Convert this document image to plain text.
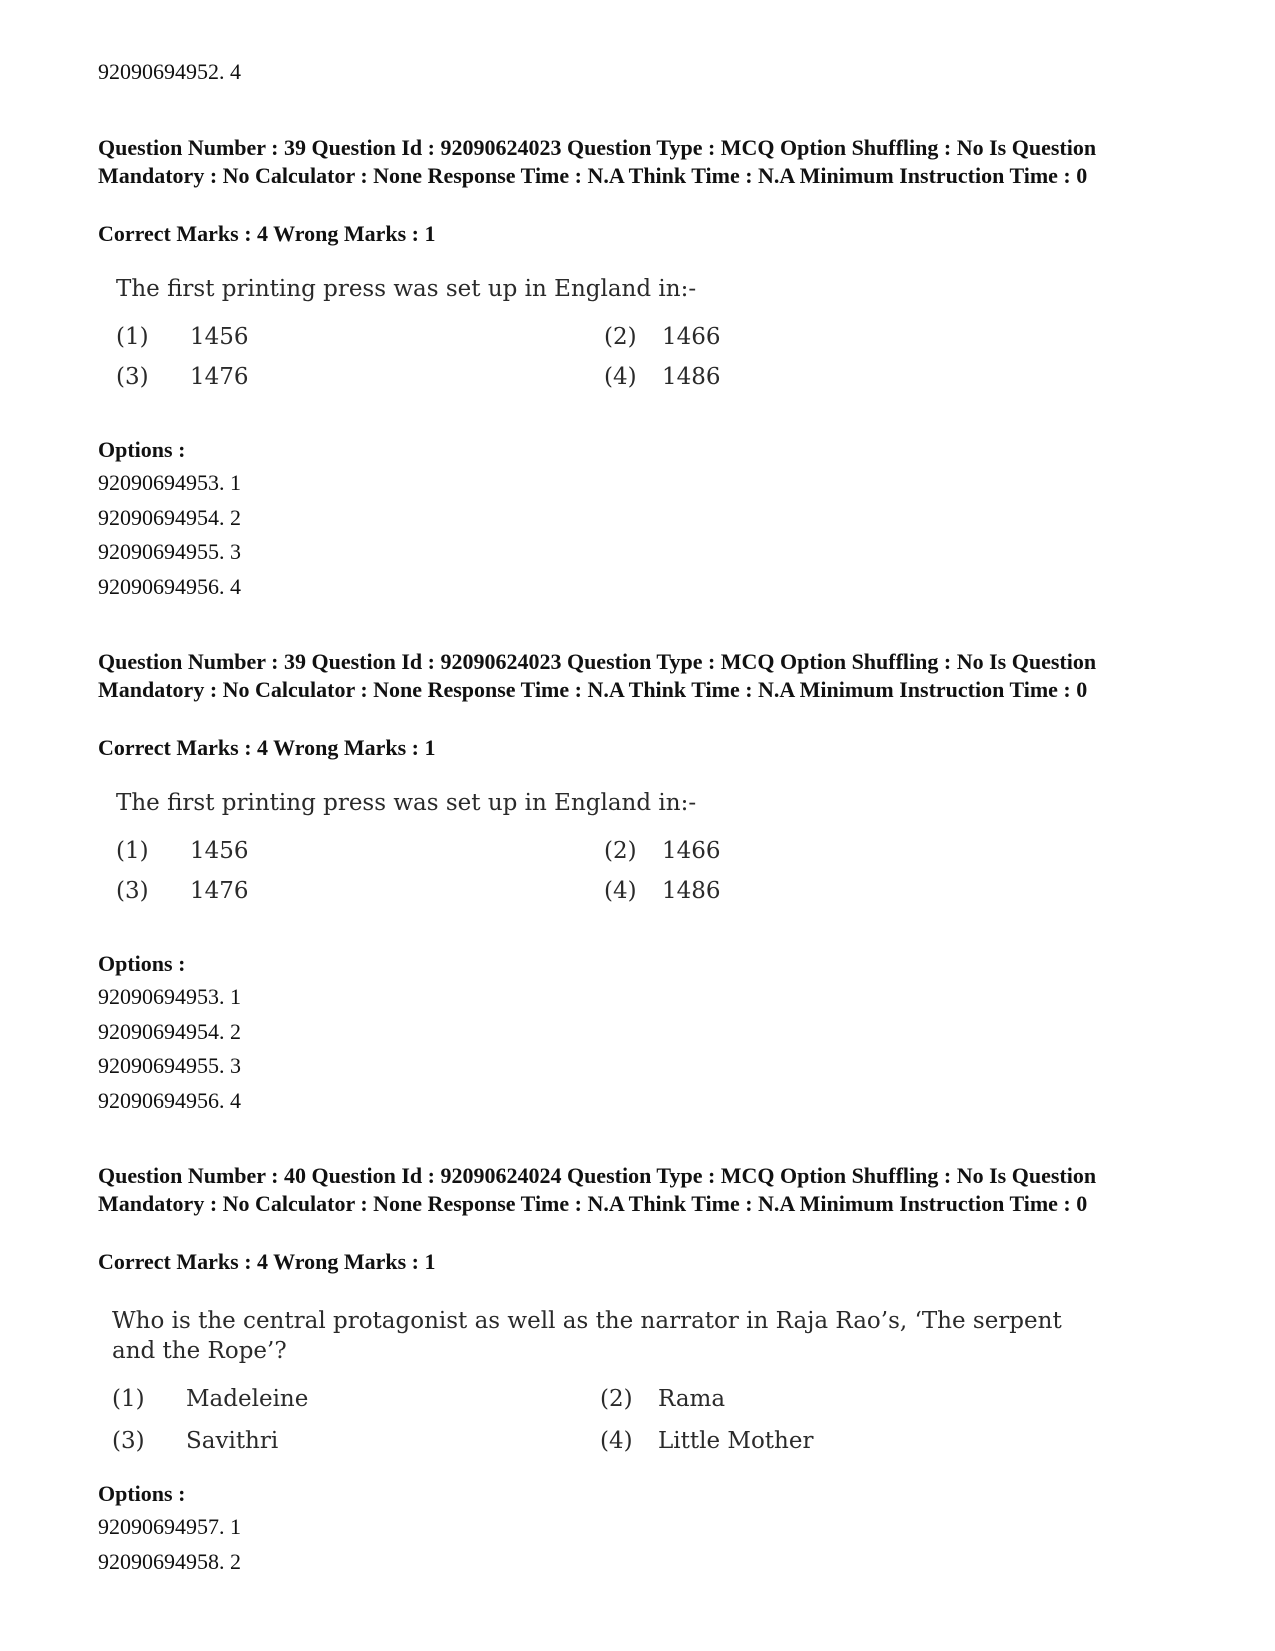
92090694952. 4
Question Number : 39 Question Id : 92090624023 Question Type : MCQ Option Shuffling : No Is Question Mandatory : No Calculator : None Response Time : N.A Think Time : N.A Minimum Instruction Time : 0
Correct Marks : 4 Wrong Marks : 1
The first printing press was set up in England in:-
(1) 1456	(2) 1466
(3) 1476	(4) 1486
Options :
92090694953. 1
92090694954. 2
92090694955. 3
92090694956. 4
Question Number : 39 Question Id : 92090624023 Question Type : MCQ Option Shuffling : No Is Question Mandatory : No Calculator : None Response Time : N.A Think Time : N.A Minimum Instruction Time : 0
Correct Marks : 4 Wrong Marks : 1
The first printing press was set up in England in:-
(1) 1456	(2) 1466
(3) 1476	(4) 1486
Options :
92090694953. 1
92090694954. 2
92090694955. 3
92090694956. 4
Question Number : 40 Question Id : 92090624024 Question Type : MCQ Option Shuffling : No Is Question Mandatory : No Calculator : None Response Time : N.A Think Time : N.A Minimum Instruction Time : 0
Correct Marks : 4 Wrong Marks : 1
Who is the central protagonist as well as the narrator in Raja Rao’s, ‘The serpent and the Rope’?
(1) Madeleine	(2) Rama
(3) Savithri	(4) Little Mother
Options :
92090694957. 1
92090694958. 2
